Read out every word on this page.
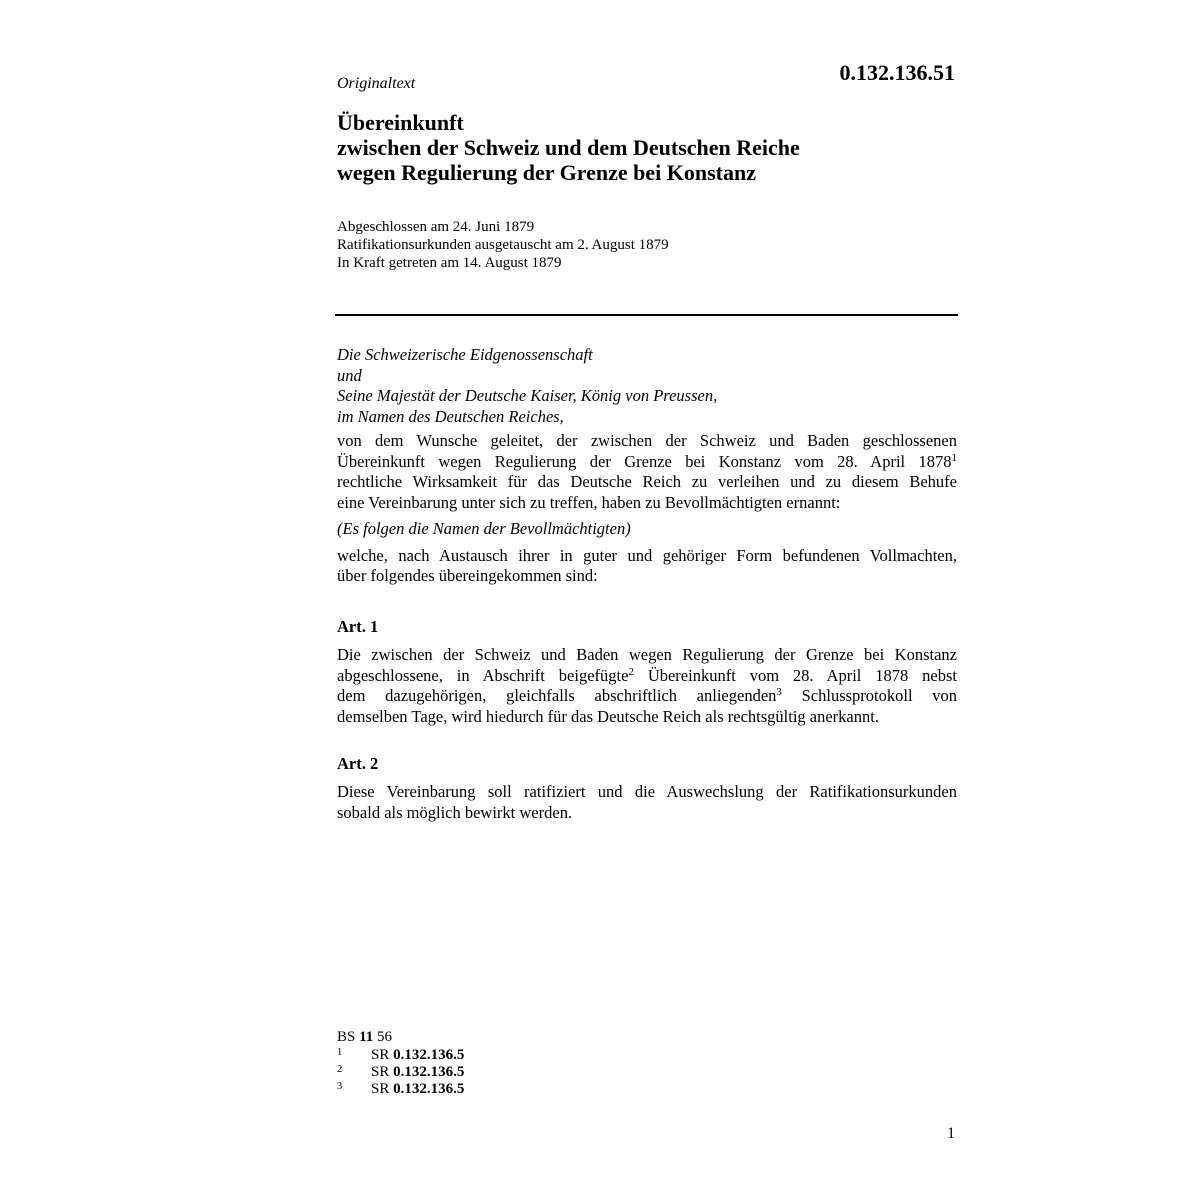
0.132.136.51
Originaltext
Übereinkunft
zwischen der Schweiz und dem Deutschen Reiche
wegen Regulierung der Grenze bei Konstanz
Abgeschlossen am 24. Juni 1879
Ratifikationsurkunden ausgetauscht am 2. August 1879
In Kraft getreten am 14. August 1879
Die Schweizerische Eidgenossenschaft
und
Seine Majestät der Deutsche Kaiser, König von Preussen,
im Namen des Deutschen Reiches,
von dem Wunsche geleitet, der zwischen der Schweiz und Baden geschlossenen
Übereinkunft wegen Regulierung der Grenze bei Konstanz vom 28. April 1878$^1$
rechtliche Wirksamkeit für das Deutsche Reich zu verleihen und zu diesem Behufe
eine Vereinbarung unter sich zu treffen, haben zu Bevollmächtigten ernannt:
(Es folgen die Namen der Bevollmächtigten)
welche, nach Austausch ihrer in guter und gehöriger Form befundenen Vollmachten,
über folgendes übereingekommen sind:
Art. 1
Die zwischen der Schweiz und Baden wegen Regulierung der Grenze bei Konstanz
abgeschlossene, in Abschrift beigefügte$^2$ Übereinkunft vom 28. April 1878 nebst
dem dazugehörigen, gleichfalls abschriftlich anliegenden$^3$ Schlussprotokoll von
demselben Tage, wird hiedurch für das Deutsche Reich als rechtsgültig anerkannt.
Art. 2
Diese Vereinbarung soll ratifiziert und die Auswechslung der Ratifikationsurkunden
sobald als möglich bewirkt werden.
BS 11 56
1 SR 0.132.136.5
2 SR 0.132.136.5
3 SR 0.132.136.5
1
